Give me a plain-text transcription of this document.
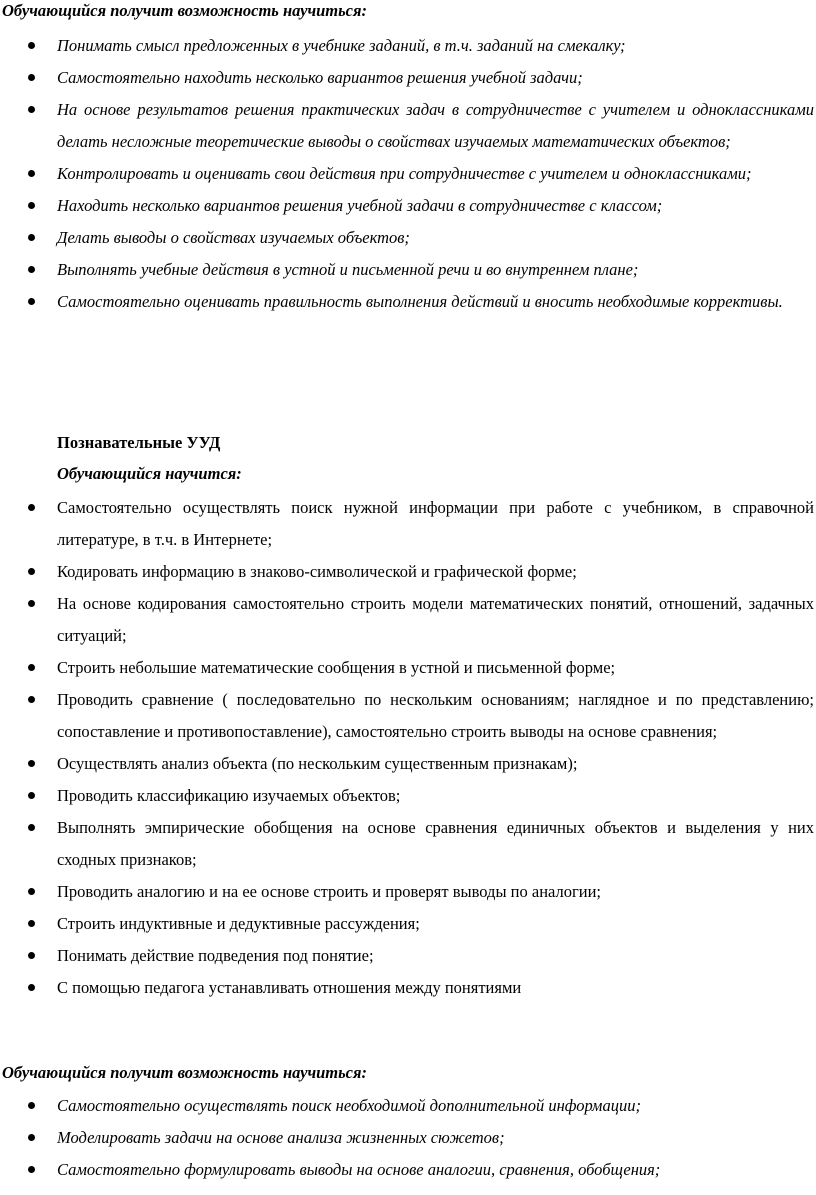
Обучающийся получит возможность научиться:

Понимать смысл предложенных в учебнике заданий, в т.ч. заданий на смекалку;
Самостоятельно находить несколько вариантов решения учебной задачи;
На основе результатов решения практических задач в сотрудничестве с учителем и одноклассниками делать несложные теоретические выводы о свойствах изучаемых математических объектов;
Контролировать и оценивать свои действия при сотрудничестве с учителем и одноклассниками;
Находить несколько вариантов решения учебной задачи в сотрудничестве с классом;
Делать выводы о свойствах изучаемых объектов;
Выполнять учебные действия в устной и письменной речи и во внутреннем плане;
Самостоятельно оценивать правильность выполнения действий и вносить необходимые коррективы.

Познавательные УУД

Обучающийся научится:

Самостоятельно осуществлять поиск нужной информации при работе с учебником, в справочной литературе, в т.ч. в Интернете;
Кодировать информацию в знаково-символической и графической форме;
На основе кодирования самостоятельно строить модели математических понятий, отношений, задачных ситуаций;
Строить небольшие математические сообщения в устной и письменной форме;
Проводить сравнение ( последовательно по нескольким основаниям; наглядное и по представлению; сопоставление и противопоставление), самостоятельно строить выводы на основе сравнения;
Осуществлять анализ объекта (по нескольким существенным признакам);
Проводить классификацию изучаемых объектов;
Выполнять эмпирические обобщения на основе сравнения единичных объектов и выделения у них сходных признаков;
Проводить аналогию и на ее основе строить и проверят выводы по аналогии;
Строить индуктивные и дедуктивные рассуждения;
Понимать действие подведения под понятие;
С помощью педагога устанавливать отношения между понятиями

Обучающийся получит возможность научиться:

Самостоятельно осуществлять поиск необходимой дополнительной информации;
Моделировать задачи на основе анализа жизненных сюжетов;
Самостоятельно формулировать выводы на основе аналогии, сравнения, обобщения;
